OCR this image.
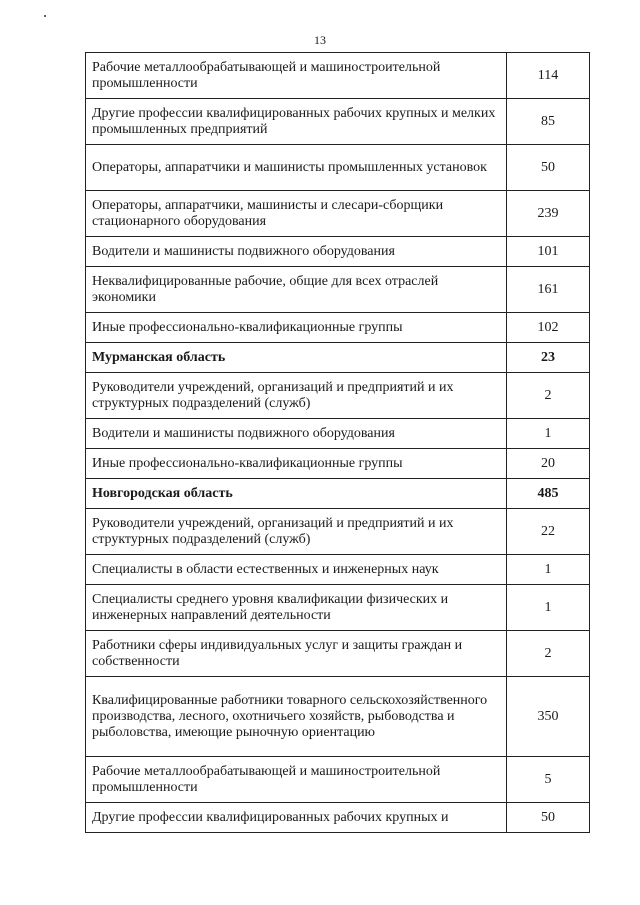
13
Рабочие металлообрабатывающей и машиностроительной промышленности	114
Другие профессии квалифицированных рабочих крупных и мелких промышленных предприятий	85
Операторы, аппаратчики и машинисты промышленных установок	50
Операторы, аппаратчики, машинисты и слесари-сборщики стационарного оборудования	239
Водители и машинисты подвижного оборудования	101
Неквалифицированные рабочие, общие для всех отраслей экономики	161
Иные профессионально-квалификационные группы	102
Мурманская область	23
Руководители учреждений, организаций и предприятий и их структурных подразделений (служб)	2
Водители и машинисты подвижного оборудования	1
Иные профессионально-квалификационные группы	20
Новгородская область	485
Руководители учреждений, организаций и предприятий и их структурных подразделений (служб)	22
Специалисты в области естественных и инженерных наук	1
Специалисты среднего уровня квалификации физических и инженерных направлений деятельности	1
Работники сферы индивидуальных услуг и защиты граждан и собственности	2
Квалифицированные работники товарного сельскохозяйственного производства, лесного, охотничьего хозяйств, рыбоводства и рыболовства, имеющие рыночную ориентацию	350
Рабочие металлообрабатывающей и машиностроительной промышленности	5
Другие профессии квалифицированных рабочих крупных и	50
